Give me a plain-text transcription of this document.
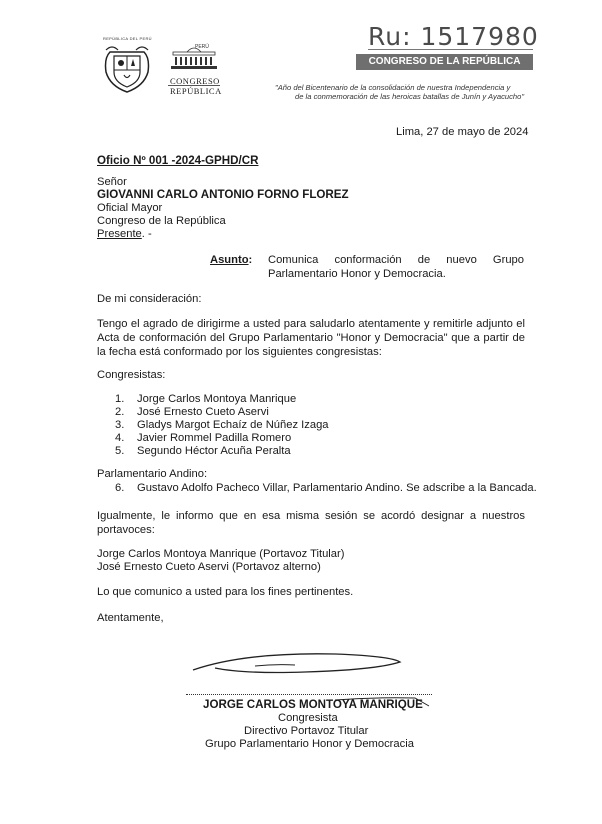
REPÚBLICA DEL PERÚ
PERÚ
CONGRESO
REPÚBLICA
Ru: 1517980
CONGRESO DE LA REPÚBLICA
"Año del Bicentenario de la consolidación de nuestra Independencia y
de la conmemoración de las heroicas batallas de Junín y Ayacucho"
Lima, 27 de mayo de 2024
Oficio Nº 001 -2024-GPHD/CR
Señor
GIOVANNI CARLO ANTONIO FORNO FLOREZ
Oficial Mayor
Congreso de la República
Presente. -
Asunto: Comunica conformación de nuevo Grupo Parlamentario Honor y Democracia.
De mi consideración:
Tengo el agrado de dirigirme a usted para saludarlo atentamente y remitirle adjunto el Acta de conformación del Grupo Parlamentario "Honor y Democracia" que a partir de la fecha está conformado por los siguientes congresistas:
Congresistas:
1. Jorge Carlos Montoya Manrique
2. José Ernesto Cueto Aservi
3. Gladys Margot Echaíz de Núñez Izaga
4. Javier Rommel Padilla Romero
5. Segundo Héctor Acuña Peralta
Parlamentario Andino:
6. Gustavo Adolfo Pacheco Villar, Parlamentario Andino. Se adscribe a la Bancada.
Igualmente, le informo que en esa misma sesión se acordó designar a nuestros portavoces:
Jorge Carlos Montoya Manrique (Portavoz Titular)
José Ernesto Cueto Aservi (Portavoz alterno)
Lo que comunico a usted para los fines pertinentes.
Atentamente,
JORGE CARLOS MONTOYA MANRIQUE
Congresista
Directivo Portavoz Titular
Grupo Parlamentario Honor y Democracia
